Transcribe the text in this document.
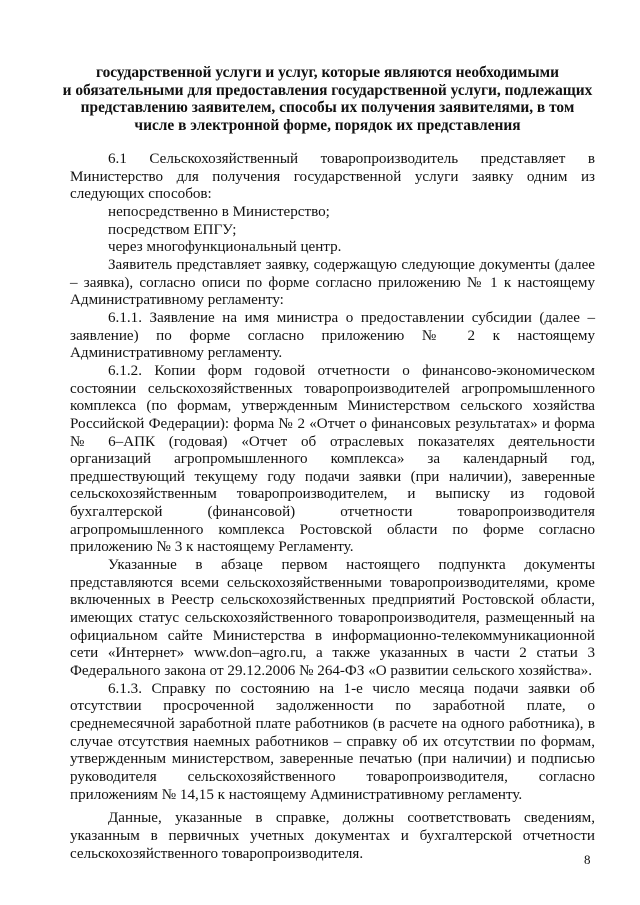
государственной услуги и услуг, которые являются необходимыми
и обязательными для предоставления государственной услуги, подлежащих
представлению заявителем, способы их получения заявителями, в том
числе в электронной форме, порядок их представления

6.1 Сельскохозяйственный товаропроизводитель представляет в Министерство для получения государственной услуги заявку одним из следующих способов:

непосредственно в Министерство;

посредством ЕПГУ;

через многофункциональный центр.

Заявитель представляет заявку, содержащую следующие документы (далее – заявка), согласно описи по форме согласно приложению № 1 к настоящему Административному регламенту:

6.1.1. Заявление на имя министра о предоставлении субсидии (далее – заявление) по форме согласно приложению № 2 к настоящему Административному регламенту.

6.1.2. Копии форм годовой отчетности о финансово-экономическом состоянии сельскохозяйственных товаропроизводителей агропромышленного комплекса (по формам, утвержденным Министерством сельского хозяйства Российской Федерации): форма № 2 «Отчет о финансовых результатах» и форма № 6–АПК (годовая) «Отчет об отраслевых показателях деятельности организаций агропромышленного комплекса» за календарный год, предшествующий текущему году подачи заявки (при наличии), заверенные сельскохозяйственным товаропроизводителем, и выписку из годовой бухгалтерской (финансовой) отчетности товаропроизводителя агропромышленного комплекса Ростовской области по форме согласно приложению № 3 к настоящему Регламенту.

Указанные в абзаце первом настоящего подпункта документы представляются всеми сельскохозяйственными товаропроизводителями, кроме включенных в Реестр сельскохозяйственных предприятий Ростовской области, имеющих статус сельскохозяйственного товаропроизводителя, размещенный на официальном сайте Министерства в информационно-телекоммуникационной сети «Интернет» www.don–agro.ru, а также указанных в части 2 статьи 3 Федерального закона от 29.12.2006 № 264-ФЗ «О развитии сельского хозяйства».

6.1.3. Справку по состоянию на 1-е число месяца подачи заявки об отсутствии просроченной задолженности по заработной плате, о среднемесячной заработной плате работников (в расчете на одного работника), в случае отсутствия наемных работников – справку об их отсутствии по формам, утвержденным министерством, заверенные печатью (при наличии) и подписью руководителя сельскохозяйственного товаропроизводителя, согласно приложениям № 14,15 к настоящему Административному регламенту.

Данные, указанные в справке, должны соответствовать сведениям, указанным в первичных учетных документах и бухгалтерской отчетности сельскохозяйственного товаропроизводителя.	8
